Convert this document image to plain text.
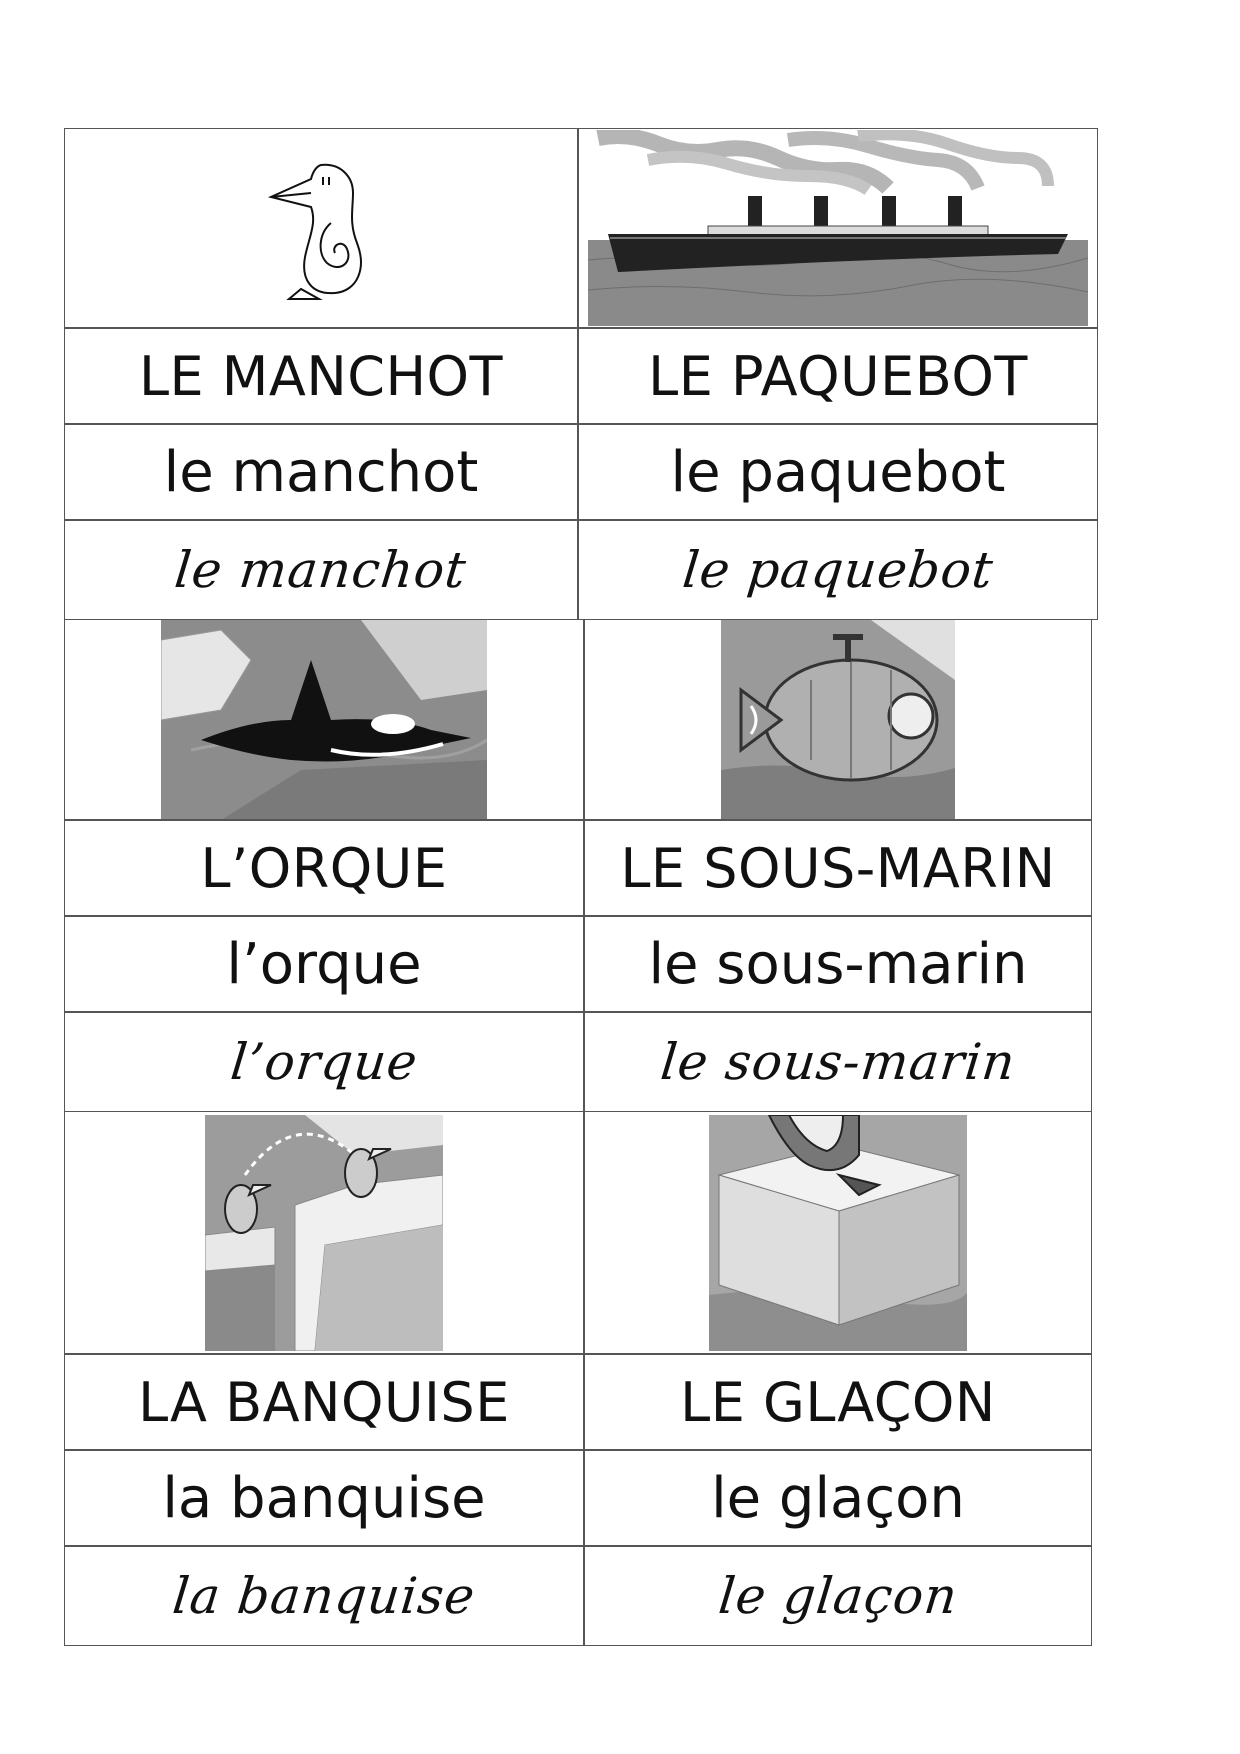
LE MANCHOT
le manchot
le manchot
LE PAQUEBOT
le paquebot
le paquebot
L’ORQUE
l’orque
l’orque
LE SOUS-MARIN
le sous-marin
le sous-marin
LA BANQUISE
la banquise
la banquise
LE GLAÇON
le glaçon
le glaçon
